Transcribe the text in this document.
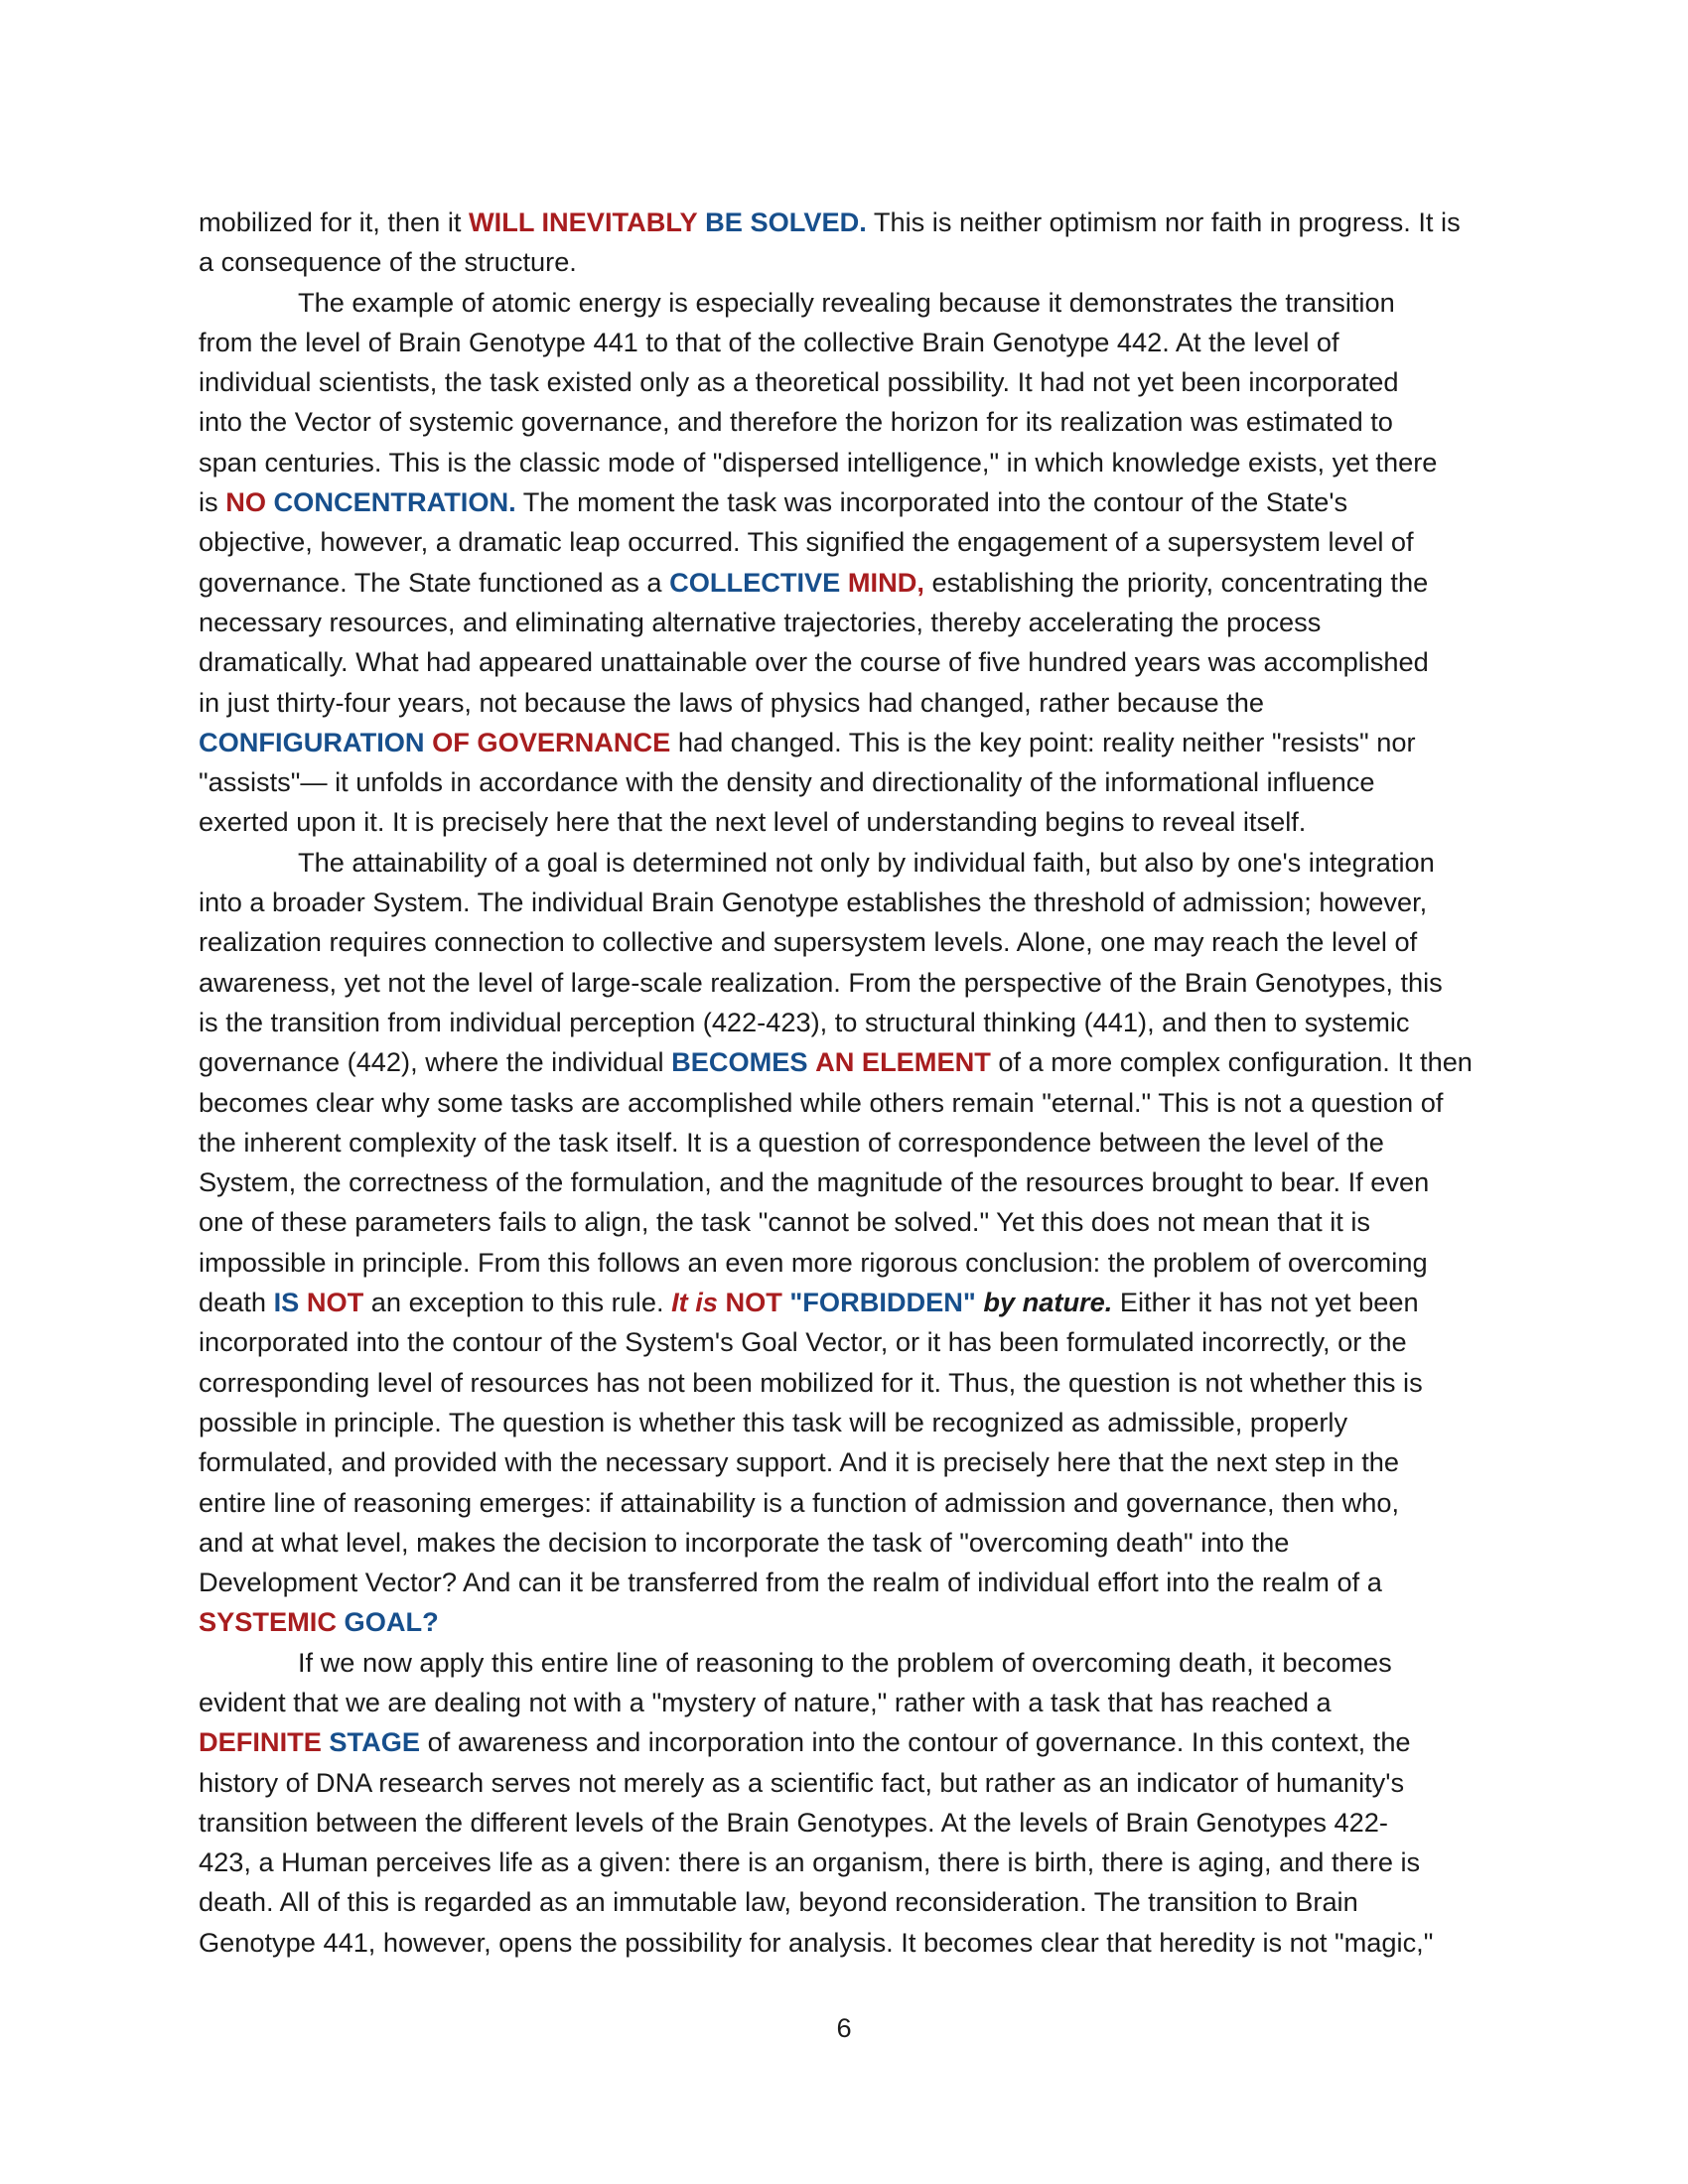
mobilized for it, then it WILL INEVITABLY BE SOLVED. This is neither optimism nor faith in progress. It is
a consequence of the structure.
The example of atomic energy is especially revealing because it demonstrates the transition
from the level of Brain Genotype 441 to that of the collective Brain Genotype 442. At the level of
individual scientists, the task existed only as a theoretical possibility. It had not yet been incorporated
into the Vector of systemic governance, and therefore the horizon for its realization was estimated to
span centuries. This is the classic mode of "dispersed intelligence," in which knowledge exists, yet there
is NO CONCENTRATION. The moment the task was incorporated into the contour of the State's
objective, however, a dramatic leap occurred. This signified the engagement of a supersystem level of
governance. The State functioned as a COLLECTIVE MIND, establishing the priority, concentrating the
necessary resources, and eliminating alternative trajectories, thereby accelerating the process
dramatically. What had appeared unattainable over the course of five hundred years was accomplished
in just thirty-four years, not because the laws of physics had changed, rather because the
CONFIGURATION OF GOVERNANCE had changed. This is the key point: reality neither "resists" nor
"assists"— it unfolds in accordance with the density and directionality of the informational influence
exerted upon it. It is precisely here that the next level of understanding begins to reveal itself.
The attainability of a goal is determined not only by individual faith, but also by one's integration
into a broader System. The individual Brain Genotype establishes the threshold of admission; however,
realization requires connection to collective and supersystem levels. Alone, one may reach the level of
awareness, yet not the level of large-scale realization. From the perspective of the Brain Genotypes, this
is the transition from individual perception (422-423), to structural thinking (441), and then to systemic
governance (442), where the individual BECOMES AN ELEMENT of a more complex configuration. It then
becomes clear why some tasks are accomplished while others remain "eternal." This is not a question of
the inherent complexity of the task itself. It is a question of correspondence between the level of the
System, the correctness of the formulation, and the magnitude of the resources brought to bear. If even
one of these parameters fails to align, the task "cannot be solved." Yet this does not mean that it is
impossible in principle. From this follows an even more rigorous conclusion: the problem of overcoming
death IS NOT an exception to this rule. It is NOT "FORBIDDEN" by nature. Either it has not yet been
incorporated into the contour of the System's Goal Vector, or it has been formulated incorrectly, or the
corresponding level of resources has not been mobilized for it. Thus, the question is not whether this is
possible in principle. The question is whether this task will be recognized as admissible, properly
formulated, and provided with the necessary support. And it is precisely here that the next step in the
entire line of reasoning emerges: if attainability is a function of admission and governance, then who,
and at what level, makes the decision to incorporate the task of "overcoming death" into the
Development Vector? And can it be transferred from the realm of individual effort into the realm of a
SYSTEMIC GOAL?
If we now apply this entire line of reasoning to the problem of overcoming death, it becomes
evident that we are dealing not with a "mystery of nature," rather with a task that has reached a
DEFINITE STAGE of awareness and incorporation into the contour of governance. In this context, the
history of DNA research serves not merely as a scientific fact, but rather as an indicator of humanity's
transition between the different levels of the Brain Genotypes. At the levels of Brain Genotypes 422-
423, a Human perceives life as a given: there is an organism, there is birth, there is aging, and there is
death. All of this is regarded as an immutable law, beyond reconsideration. The transition to Brain
Genotype 441, however, opens the possibility for analysis. It becomes clear that heredity is not "magic,"
6
